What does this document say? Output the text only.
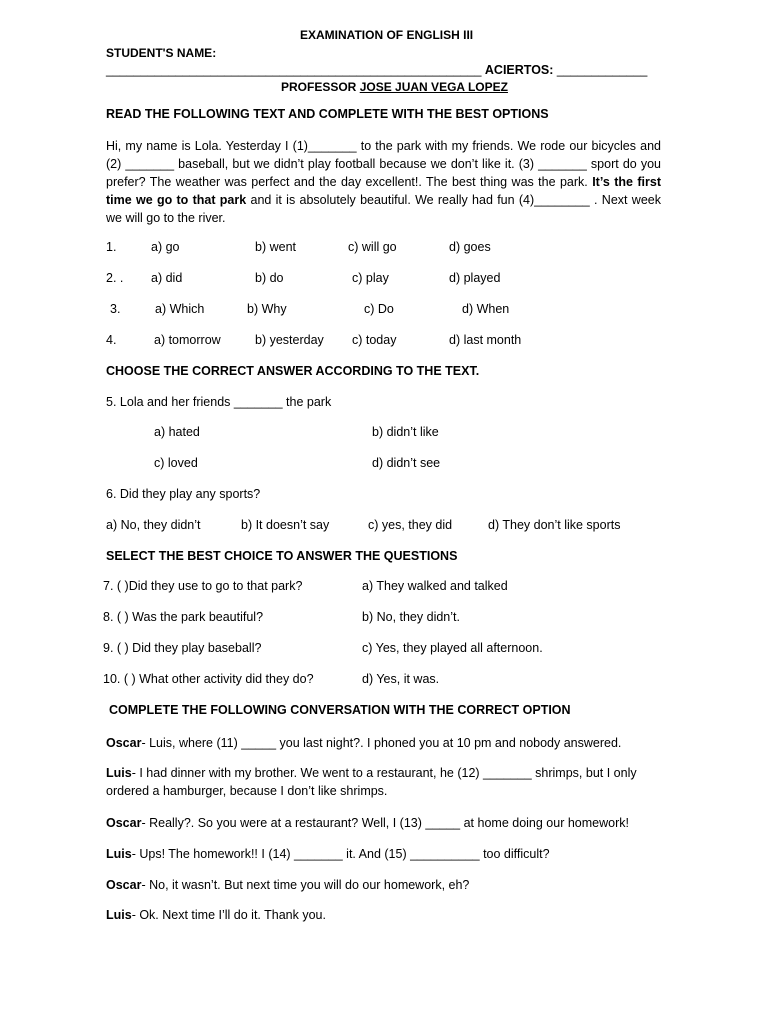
EXAMINATION OF ENGLISH III
STUDENT'S NAME:
______________________________________________________ ACIERTOS: _____________
PROFESSOR JOSE JUAN VEGA LOPEZ
READ THE FOLLOWING TEXT AND COMPLETE WITH THE BEST OPTIONS
Hi, my name is Lola. Yesterday I (1)_______ to the park with my friends. We rode our bicycles and (2) _______ baseball, but we didn’t play football because we don’t like it. (3) _______ sport do you prefer? The weather was perfect and the day excellent!. The best thing was the park. It’s the first time we go to that park and it is absolutely beautiful. We really had fun (4)________ . Next week we will go to the river.
1.	a) go	b) went	c) will go	d) goes
2. . a) did	b) do	c) play	d) played
3.	a) Which	b) Why	c) Do	d) When
4.	a) tomorrow	b) yesterday c) today	d) last month
CHOOSE THE CORRECT ANSWER ACCORDING TO THE TEXT.
5. Lola and her friends _______ the park
a) hated	b) didn’t like
c) loved	d) didn’t see
6. Did they play any sports?
a) No, they didn’t	b) It doesn’t say	c) yes, they did	d) They don’t like sports
SELECT THE BEST CHOICE TO ANSWER THE QUESTIONS
7. ( )Did they use to go to that park?	a) They walked and talked
8. ( ) Was the park beautiful?	b) No, they didn’t.
9. ( ) Did they play baseball?	c) Yes, they played all afternoon.
10. ( ) What other activity did they do?	d) Yes, it was.
COMPLETE THE FOLLOWING CONVERSATION WITH THE CORRECT OPTION
Oscar- Luis, where (11) _____ you last night?. I phoned you at 10 pm and nobody answered.
Luis- I had dinner with my brother. We went to a restaurant, he (12) _______ shrimps, but I only ordered a hamburger, because I don’t like shrimps.
Oscar- Really?. So you were at a restaurant? Well, I (13) _____ at home doing our homework!
Luis- Ups! The homework!! I (14) _______ it. And (15) __________ too difficult?
Oscar- No, it wasn’t. But next time you will do our homework, eh?
Luis- Ok. Next time I’ll do it. Thank you.
